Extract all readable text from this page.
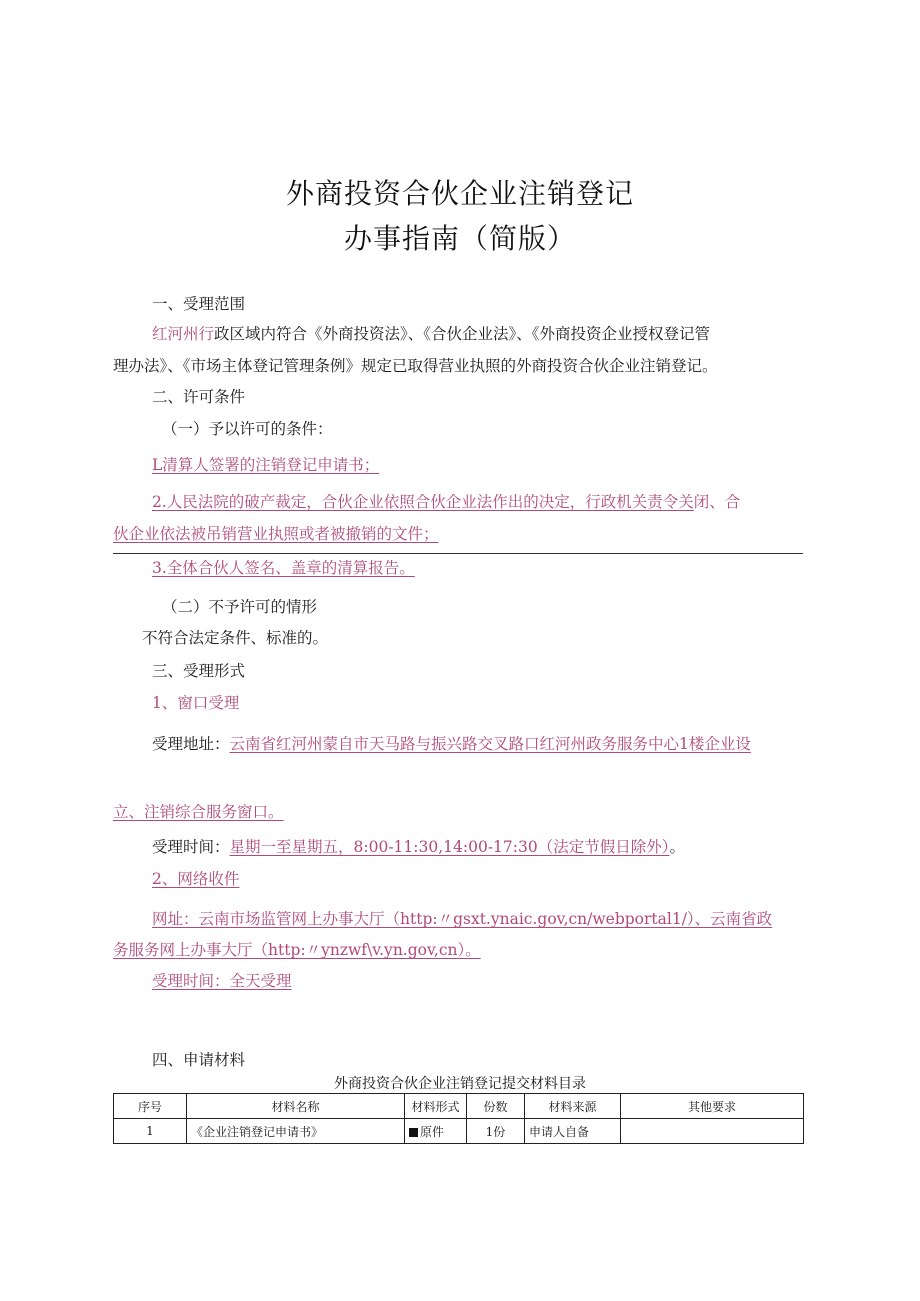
外商投资合伙企业注销登记
办事指南（简版）
一、受理范围
红河州行政区域内符合《外商投资法》、《合伙企业法》、《外商投资企业授权登记管
理办法》、《市场主体登记管理条例》规定已取得营业执照的外商投资合伙企业注销登记。
二、许可条件
（一）予以许可的条件：
L清算人签署的注销登记申请书；
2.人民法院的破产裁定，合伙企业依照合伙企业法作出的决定，行政机关责令关闭、合
伙企业依法被吊销营业执照或者被撤销的文件；
3.全体合伙人签名、盖章的清算报告。
（二）不予许可的情形
不符合法定条件、标准的。
三、受理形式
1、窗口受理
受理地址：云南省红河州蒙自市天马路与振兴路交叉路口红河州政务服务中心1楼企业设
立、注销综合服务窗口。
受理时间：星期一至星期五，8:00-11:30,14:00-17:30（法定节假日除外）。
2、网络收件
网址：云南市场监管网上办事大厅（http:〃gsxt.ynaic.gov,cn/webportal1/）、云南省政
务服务网上办事大厅（http:〃ynzwf\v.yn.gov,cn）。
受理时间：全天受理
四、申请材料
外商投资合伙企业注销登记提交材料目录
序号	材料名称	材料形式	份数	材料来源	其他要求
1	《企业注销登记申请书》	原件	1份	申请人自备	
